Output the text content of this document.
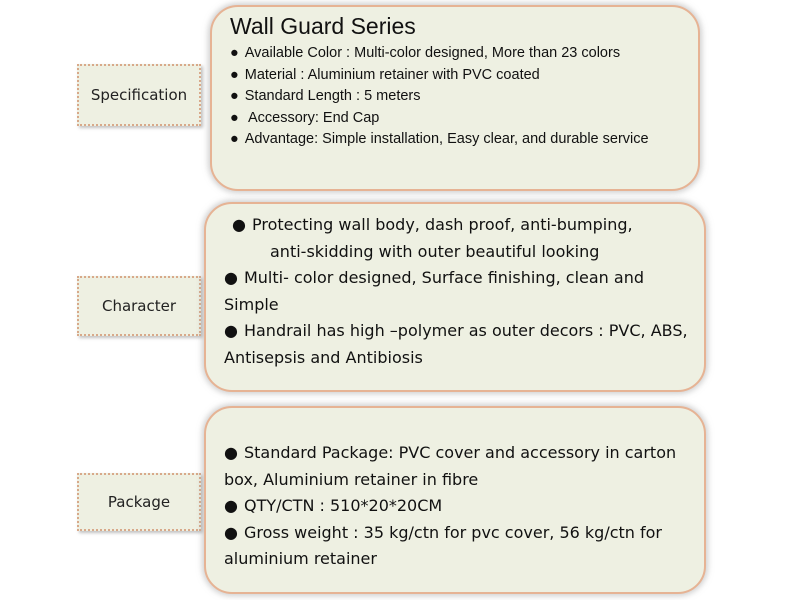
Specification
Character
Package
Wall Guard Series
● Available Color : Multi-color designed, More than 23 colors
● Material : Aluminium retainer with PVC coated
● Standard Length : 5 meters
●  Accessory: End Cap
● Advantage: Simple installation, Easy clear, and durable service
● Protecting wall body, dash proof, anti-bumping,
anti-skidding with outer beautiful looking
● Multi- color designed, Surface finishing, clean and Simple
● Handrail has high –polymer as outer decors : PVC, ABS, Antisepsis and Antibiosis
● Standard Package: PVC cover and accessory in carton box, Aluminium retainer in fibre
● QTY/CTN : 510*20*20CM
● Gross weight : 35 kg/ctn for pvc cover, 56 kg/ctn for aluminium retainer
